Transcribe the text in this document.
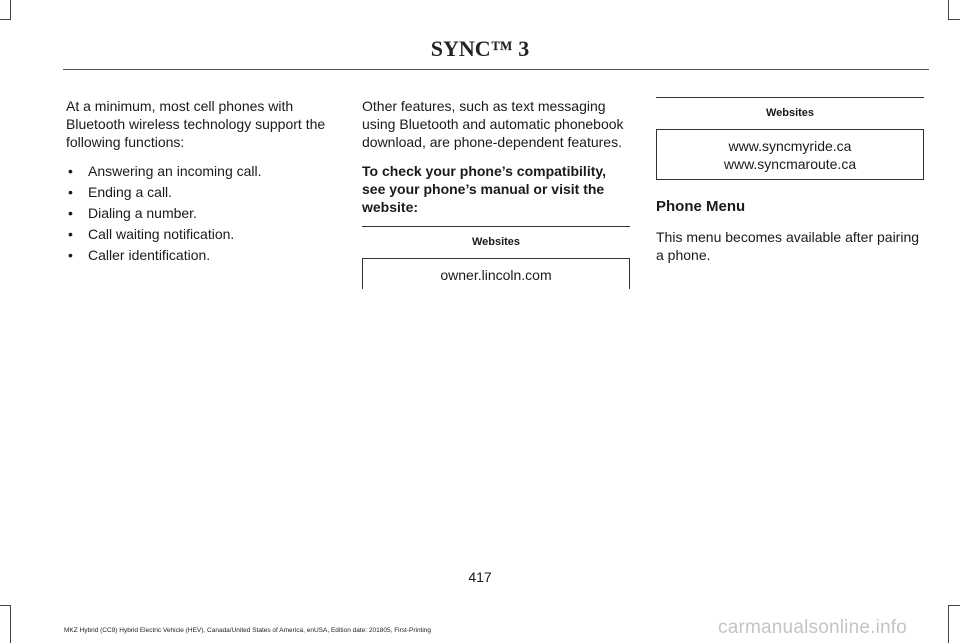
SYNC™ 3

At a minimum, most cell phones with Bluetooth wireless technology support the following functions:

• Answering an incoming call.
• Ending a call.
• Dialing a number.
• Call waiting notification.
• Caller identification.

Other features, such as text messaging using Bluetooth and automatic phonebook download, are phone-dependent features.

To check your phone’s compatibility, see your phone’s manual or visit the website:

Websites
owner.lincoln.com
Websites
www.syncmyride.ca
www.syncmaroute.ca
Phone Menu

This menu becomes available after pairing a phone.

417
MKZ Hybrid (CC9) Hybrid Electric Vehicle (HEV), Canada/United States of America, enUSA, Edition date: 201805, First-Printing	carmanualsonline.info
